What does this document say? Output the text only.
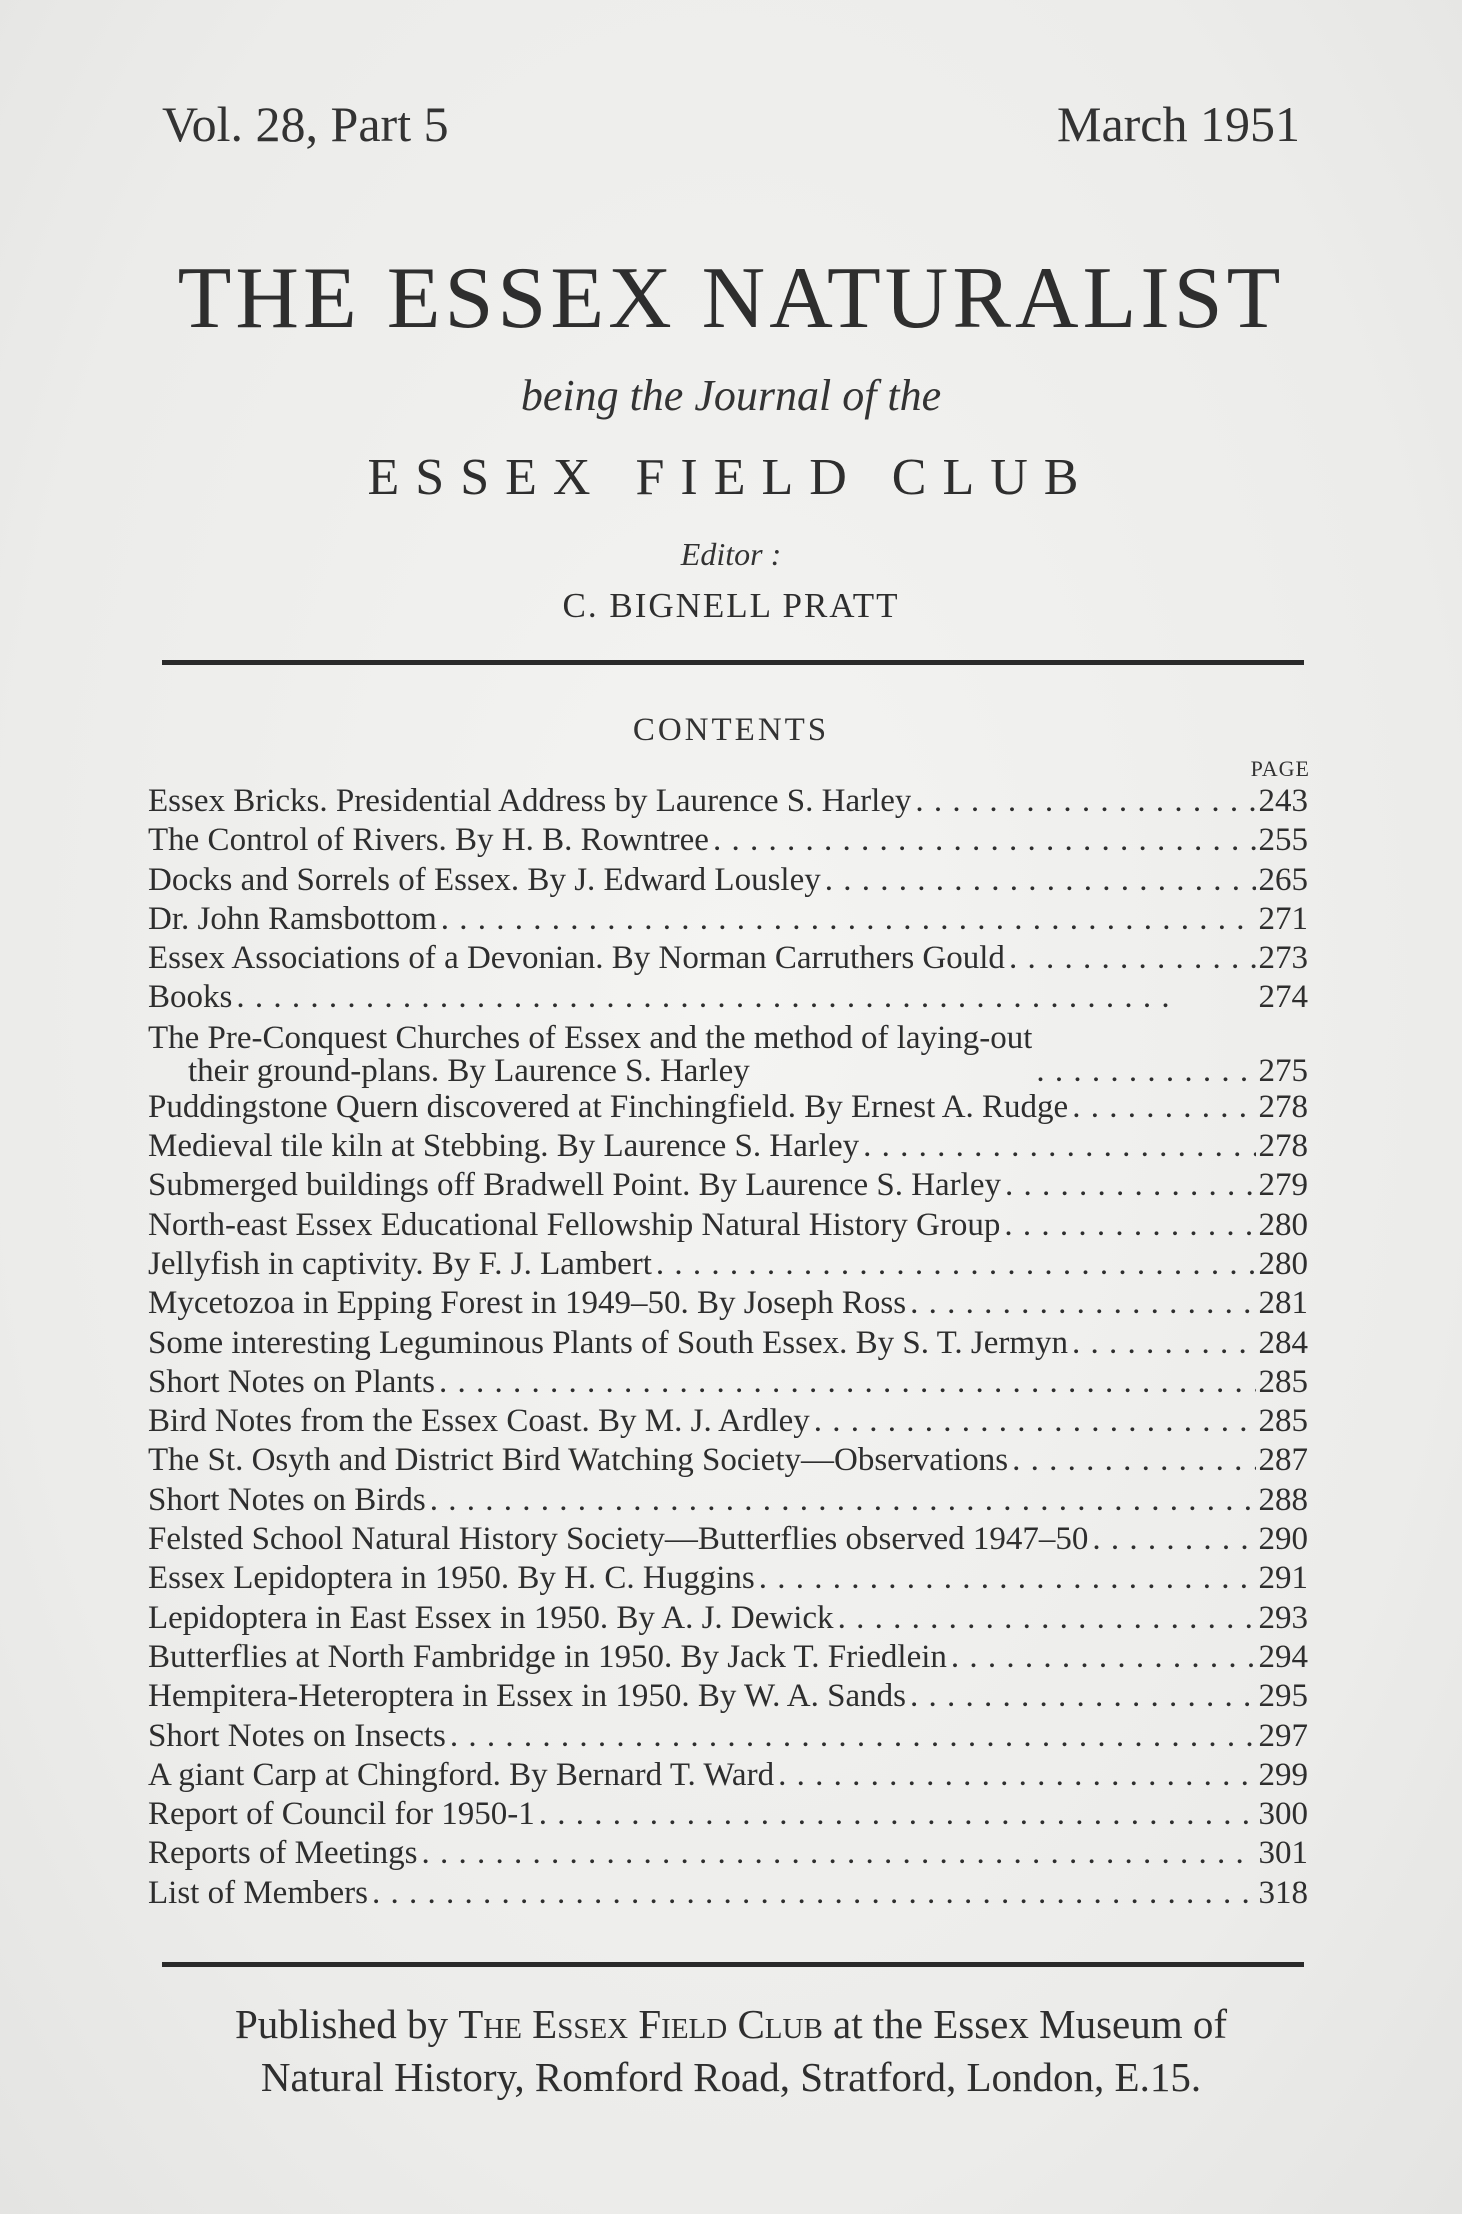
Vol. 28, Part 5	March 1951
THE ESSEX NATURALIST
being the Journal of the
ESSEX FIELD CLUB
Editor :
C. BIGNELL PRATT
CONTENTS
PAGE
Essex Bricks. Presidential Address by Laurence S. Harley . .	243
The Control of Rivers. By H. B. Rowntree . .	255
Docks and Sorrels of Essex. By J. Edward Lousley . .	265
Dr. John Ramsbottom . .	271
Essex Associations of a Devonian. By Norman Carruthers Gould . .	273
Books . .	274
The Pre-Conquest Churches of Essex and the method of laying-out
their ground-plans. By Laurence S. Harley . .	275
Puddingstone Quern discovered at Finchingfield. By Ernest A. Rudge . .	278
Medieval tile kiln at Stebbing. By Laurence S. Harley . .	278
Submerged buildings off Bradwell Point. By Laurence S. Harley . .	279
North-east Essex Educational Fellowship Natural History Group . .	280
Jellyfish in captivity. By F. J. Lambert . .	280
Mycetozoa in Epping Forest in 1949–50. By Joseph Ross . .	281
Some interesting Leguminous Plants of South Essex. By S. T. Jermyn . .	284
Short Notes on Plants . .	285
Bird Notes from the Essex Coast. By M. J. Ardley . .	285
The St. Osyth and District Bird Watching Society—Observations . .	287
Short Notes on Birds . .	288
Felsted School Natural History Society—Butterflies observed 1947–50 . .	290
Essex Lepidoptera in 1950. By H. C. Huggins . .	291
Lepidoptera in East Essex in 1950. By A. J. Dewick . .	293
Butterflies at North Fambridge in 1950. By Jack T. Friedlein . .	294
Hempitera-Heteroptera in Essex in 1950. By W. A. Sands . .	295
Short Notes on Insects . .	297
A giant Carp at Chingford. By Bernard T. Ward . .	299
Report of Council for 1950-1 . .	300
Reports of Meetings . .	301
List of Members . .	318
Published by The Essex Field Club at the Essex Museum of
Natural History, Romford Road, Stratford, London, E.15.
